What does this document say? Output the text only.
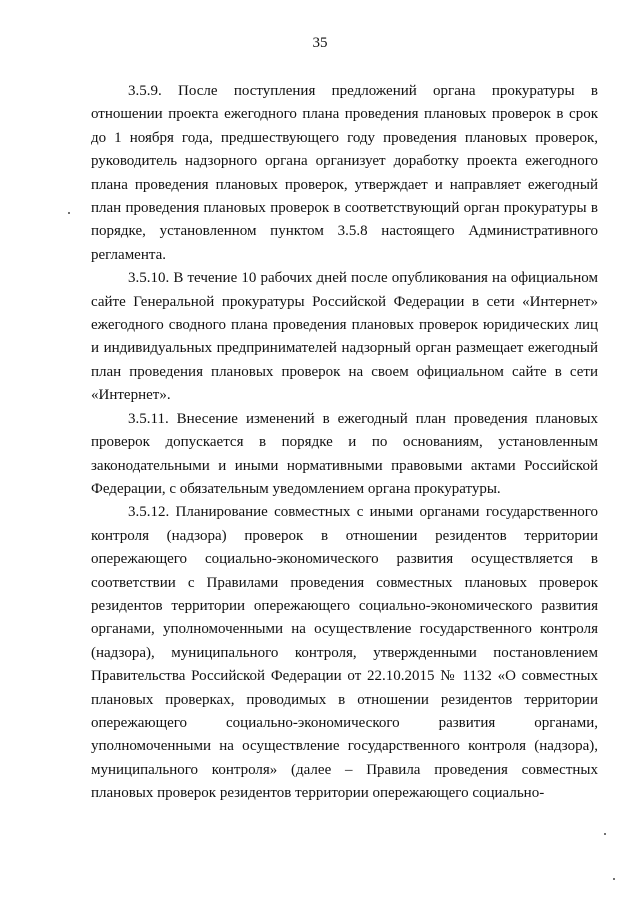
35

3.5.9. После поступления предложений органа прокуратуры в отношении проекта ежегодного плана проведения плановых проверок в срок до 1 ноября года, предшествующего году проведения плановых проверок, руководитель надзорного органа организует доработку проекта ежегодного плана проведения плановых проверок, утверждает и направляет ежегодный план проведения плановых проверок в соответствующий орган прокуратуры в порядке, установленном пунктом 3.5.8 настоящего Административного регламента.

3.5.10. В течение 10 рабочих дней после опубликования на официальном сайте Генеральной прокуратуры Российской Федерации в сети «Интернет» ежегодного сводного плана проведения плановых проверок юридических лиц и индивидуальных предпринимателей надзорный орган размещает ежегодный план проведения плановых проверок на своем официальном сайте в сети «Интернет».

3.5.11. Внесение изменений в ежегодный план проведения плановых проверок допускается в порядке и по основаниям, установленным законодательными и иными нормативными правовыми актами Российской Федерации, с обязательным уведомлением органа прокуратуры.

3.5.12. Планирование совместных с иными органами государственного контроля (надзора) проверок в отношении резидентов территории опережающего социально-экономического развития осуществляется в соответствии с Правилами проведения совместных плановых проверок резидентов территории опережающего социально-экономического развития органами, уполномоченными на осуществление государственного контроля (надзора), муниципального контроля, утвержденными постановлением Правительства Российской Федерации от 22.10.2015 № 1132 «О совместных плановых проверках, проводимых в отношении резидентов территории опережающего социально-экономического развития органами, уполномоченными на осуществление государственного контроля (надзора), муниципального контроля» (далее – Правила проведения совместных плановых проверок резидентов территории опережающего социально-
